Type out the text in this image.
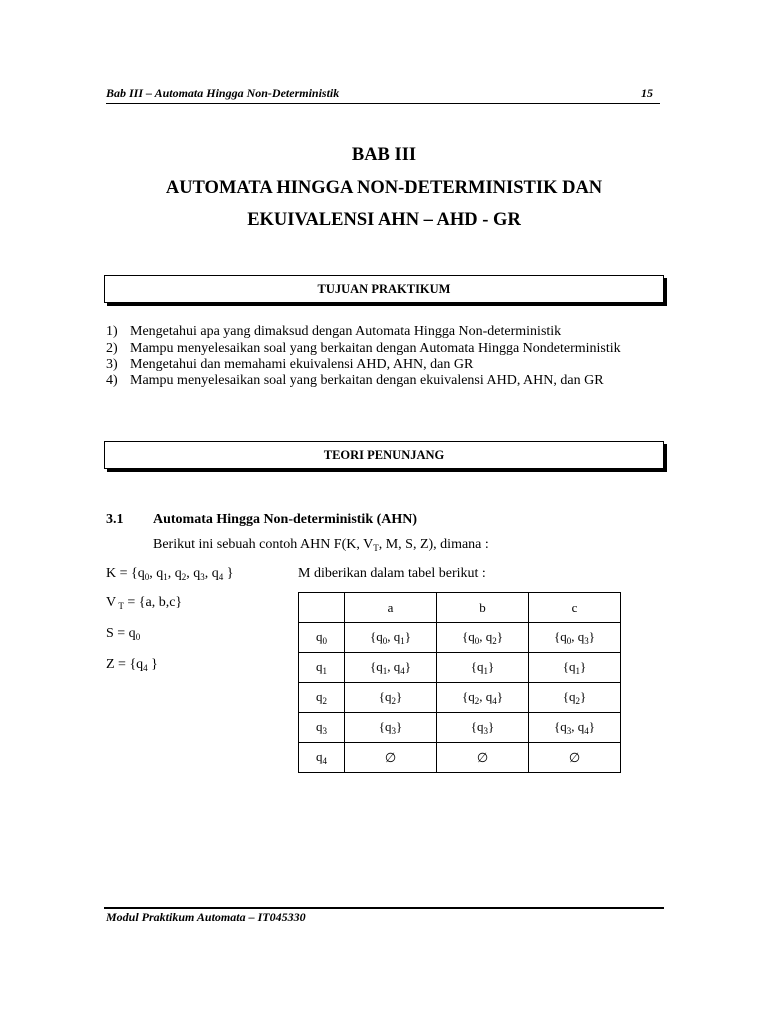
Bab III – Automata Hingga Non-Deterministik	15
BAB III
AUTOMATA HINGGA NON-DETERMINISTIK DAN
EKUIVALENSI AHN – AHD - GR
TUJUAN PRAKTIKUM
1) Mengetahui apa yang dimaksud dengan Automata Hingga Non-deterministik
2) Mampu menyelesaikan soal yang berkaitan dengan Automata Hingga Nondeterministik
3) Mengetahui dan memahami ekuivalensi AHD, AHN, dan GR
4) Mampu menyelesaikan soal yang berkaitan dengan ekuivalensi AHD, AHN, dan GR
TEORI PENUNJANG
3.1 Automata Hingga Non-deterministik (AHN)
Berikut ini sebuah contoh AHN F(K, $V_T$, M, S, Z), dimana :
$K = \{q_0$, $q_1$, $q_2$, $q_3$, $q_4$ }
V $_T$ = {a, b,c}
$S = q_0$
$Z = \{q_4$ }
M diberikan dalam tabel berikut :
	a	b	c
$q_0$	{$q_0$, $q_1$}	{$q_0$, $q_2$}	{$q_0$, $q_3$}
$q_1$	{$q_1$, $q_4$}	$\{q_1\}$	$\{q_1\}$
$q_2$	$\{q_2\}$	{$q_2$, $q_4$}	$\{q_2\}$
$q_3$	$\{q_3\}$	$\{q_3\}$	{$q_3$, $q_4$}
$q_4$	∅	∅	∅
Modul Praktikum Automata – IT045330
